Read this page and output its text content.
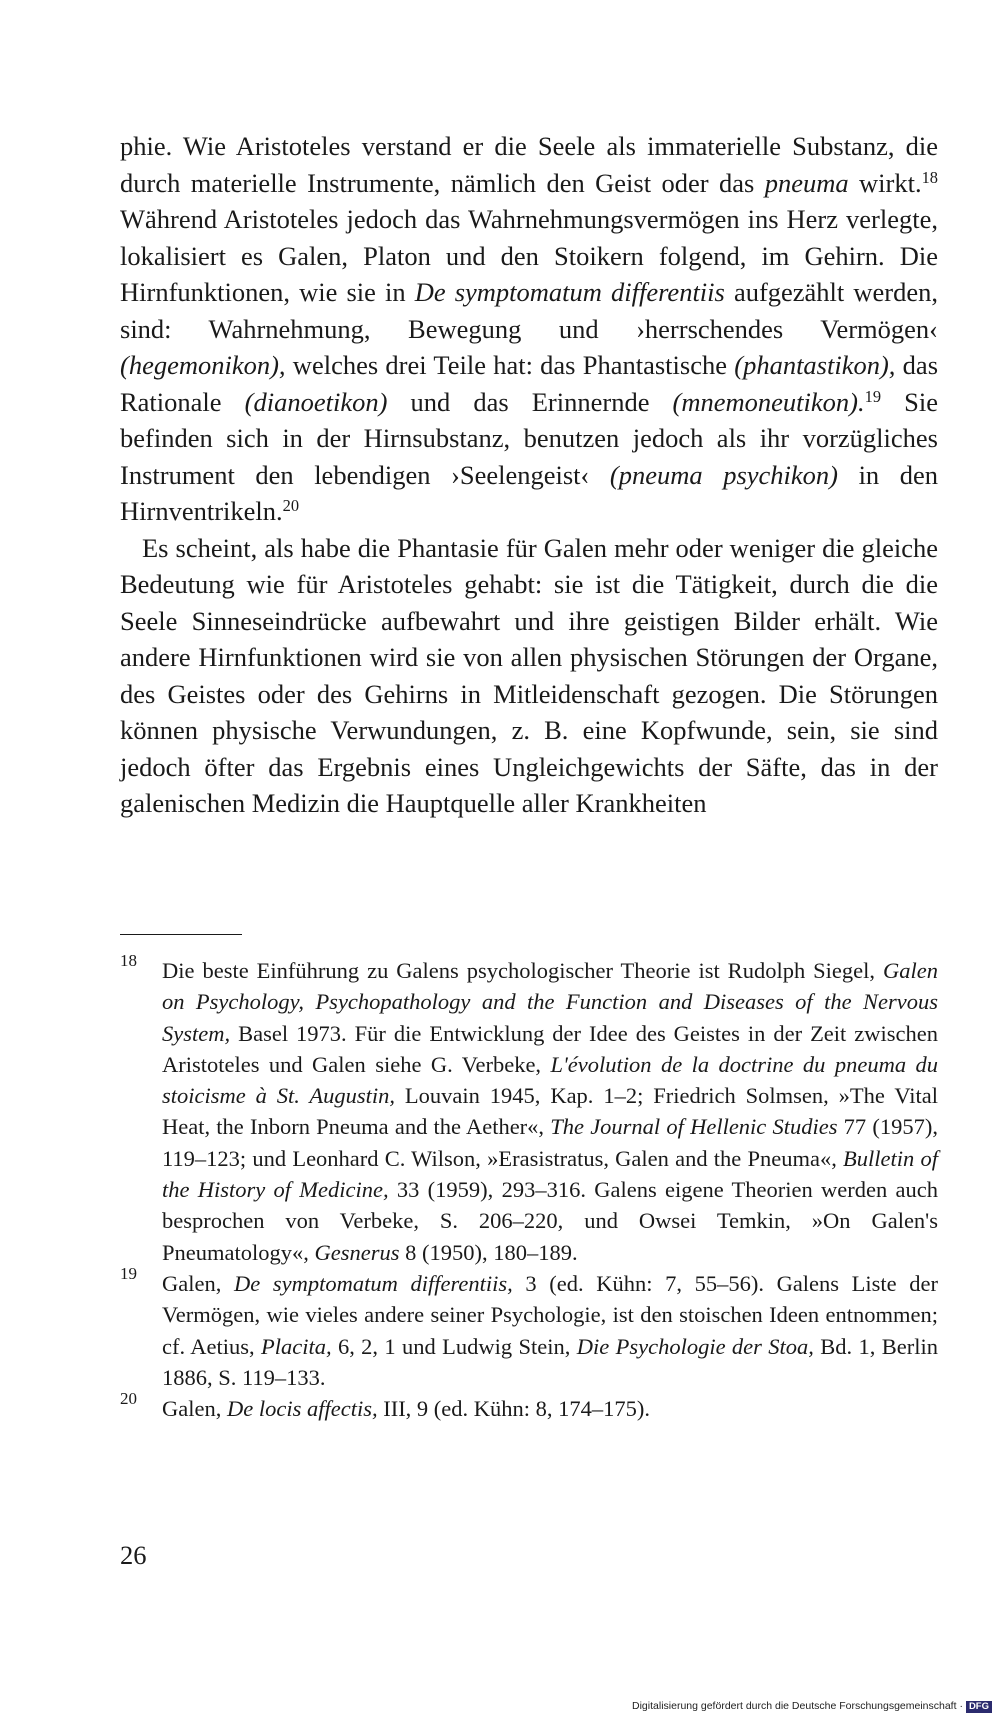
phie. Wie Aristoteles verstand er die Seele als immaterielle Substanz, die durch materielle Instrumente, nämlich den Geist oder das pneuma wirkt.$^{18}$ Während Aristoteles jedoch das Wahrnehmungsvermögen ins Herz verlegte, lokalisiert es Galen, Platon und den Stoikern folgend, im Gehirn. Die Hirnfunktionen, wie sie in De symptomatum differentiis aufgezählt werden, sind: Wahrnehmung, Bewegung und ›herrschendes Vermögen‹ (hegemonikon), welches drei Teile hat: das Phantastische (phantastikon), das Rationale (dianoetikon) und das Erinnernde (mnemoneutikon).$^{19}$ Sie befinden sich in der Hirnsubstanz, benutzen jedoch als ihr vorzügliches Instrument den lebendigen ›Seelengeist‹ (pneuma psychikon) in den Hirnventrikeln.$^{20}$

Es scheint, als habe die Phantasie für Galen mehr oder weniger die gleiche Bedeutung wie für Aristoteles gehabt: sie ist die Tätigkeit, durch die die Seele Sinneseindrücke aufbewahrt und ihre geistigen Bilder erhält. Wie andere Hirnfunktionen wird sie von allen physischen Störungen der Organe, des Geistes oder des Gehirns in Mitleidenschaft gezogen. Die Störungen können physische Verwundungen, z. B. eine Kopfwunde, sein, sie sind jedoch öfter das Ergebnis eines Ungleichgewichts der Säfte, das in der galenischen Medizin die Hauptquelle aller Krankheiten

18 Die beste Einführung zu Galens psychologischer Theorie ist Rudolph Siegel, Galen on Psychology, Psychopathology and the Function and Diseases of the Nervous System, Basel 1973. Für die Entwicklung der Idee des Geistes in der Zeit zwischen Aristoteles und Galen siehe G. Verbeke, L'évolution de la doctrine du pneuma du stoicisme à St. Augustin, Louvain 1945, Kap. 1–2; Friedrich Solmsen, »The Vital Heat, the Inborn Pneuma and the Aether«, The Journal of Hellenic Studies 77 (1957), 119–123; und Leonhard C. Wilson, »Erasistratus, Galen and the Pneuma«, Bulletin of the History of Medicine, 33 (1959), 293–316. Galens eigene Theorien werden auch besprochen von Verbeke, S. 206–220, und Owsei Temkin, »On Galen's Pneumatology«, Gesnerus 8 (1950), 180–189.

19 Galen, De symptomatum differentiis, 3 (ed. Kühn: 7, 55–56). Galens Liste der Vermögen, wie vieles andere seiner Psychologie, ist den stoischen Ideen entnommen; cf. Aetius, Placita, 6, 2, 1 und Ludwig Stein, Die Psychologie der Stoa, Bd. 1, Berlin 1886, S. 119–133.

20 Galen, De locis affectis, III, 9 (ed. Kühn: 8, 174–175).

26
Digitalisierung gefördert durch die Deutsche Forschungsgemeinschaft · DFG
